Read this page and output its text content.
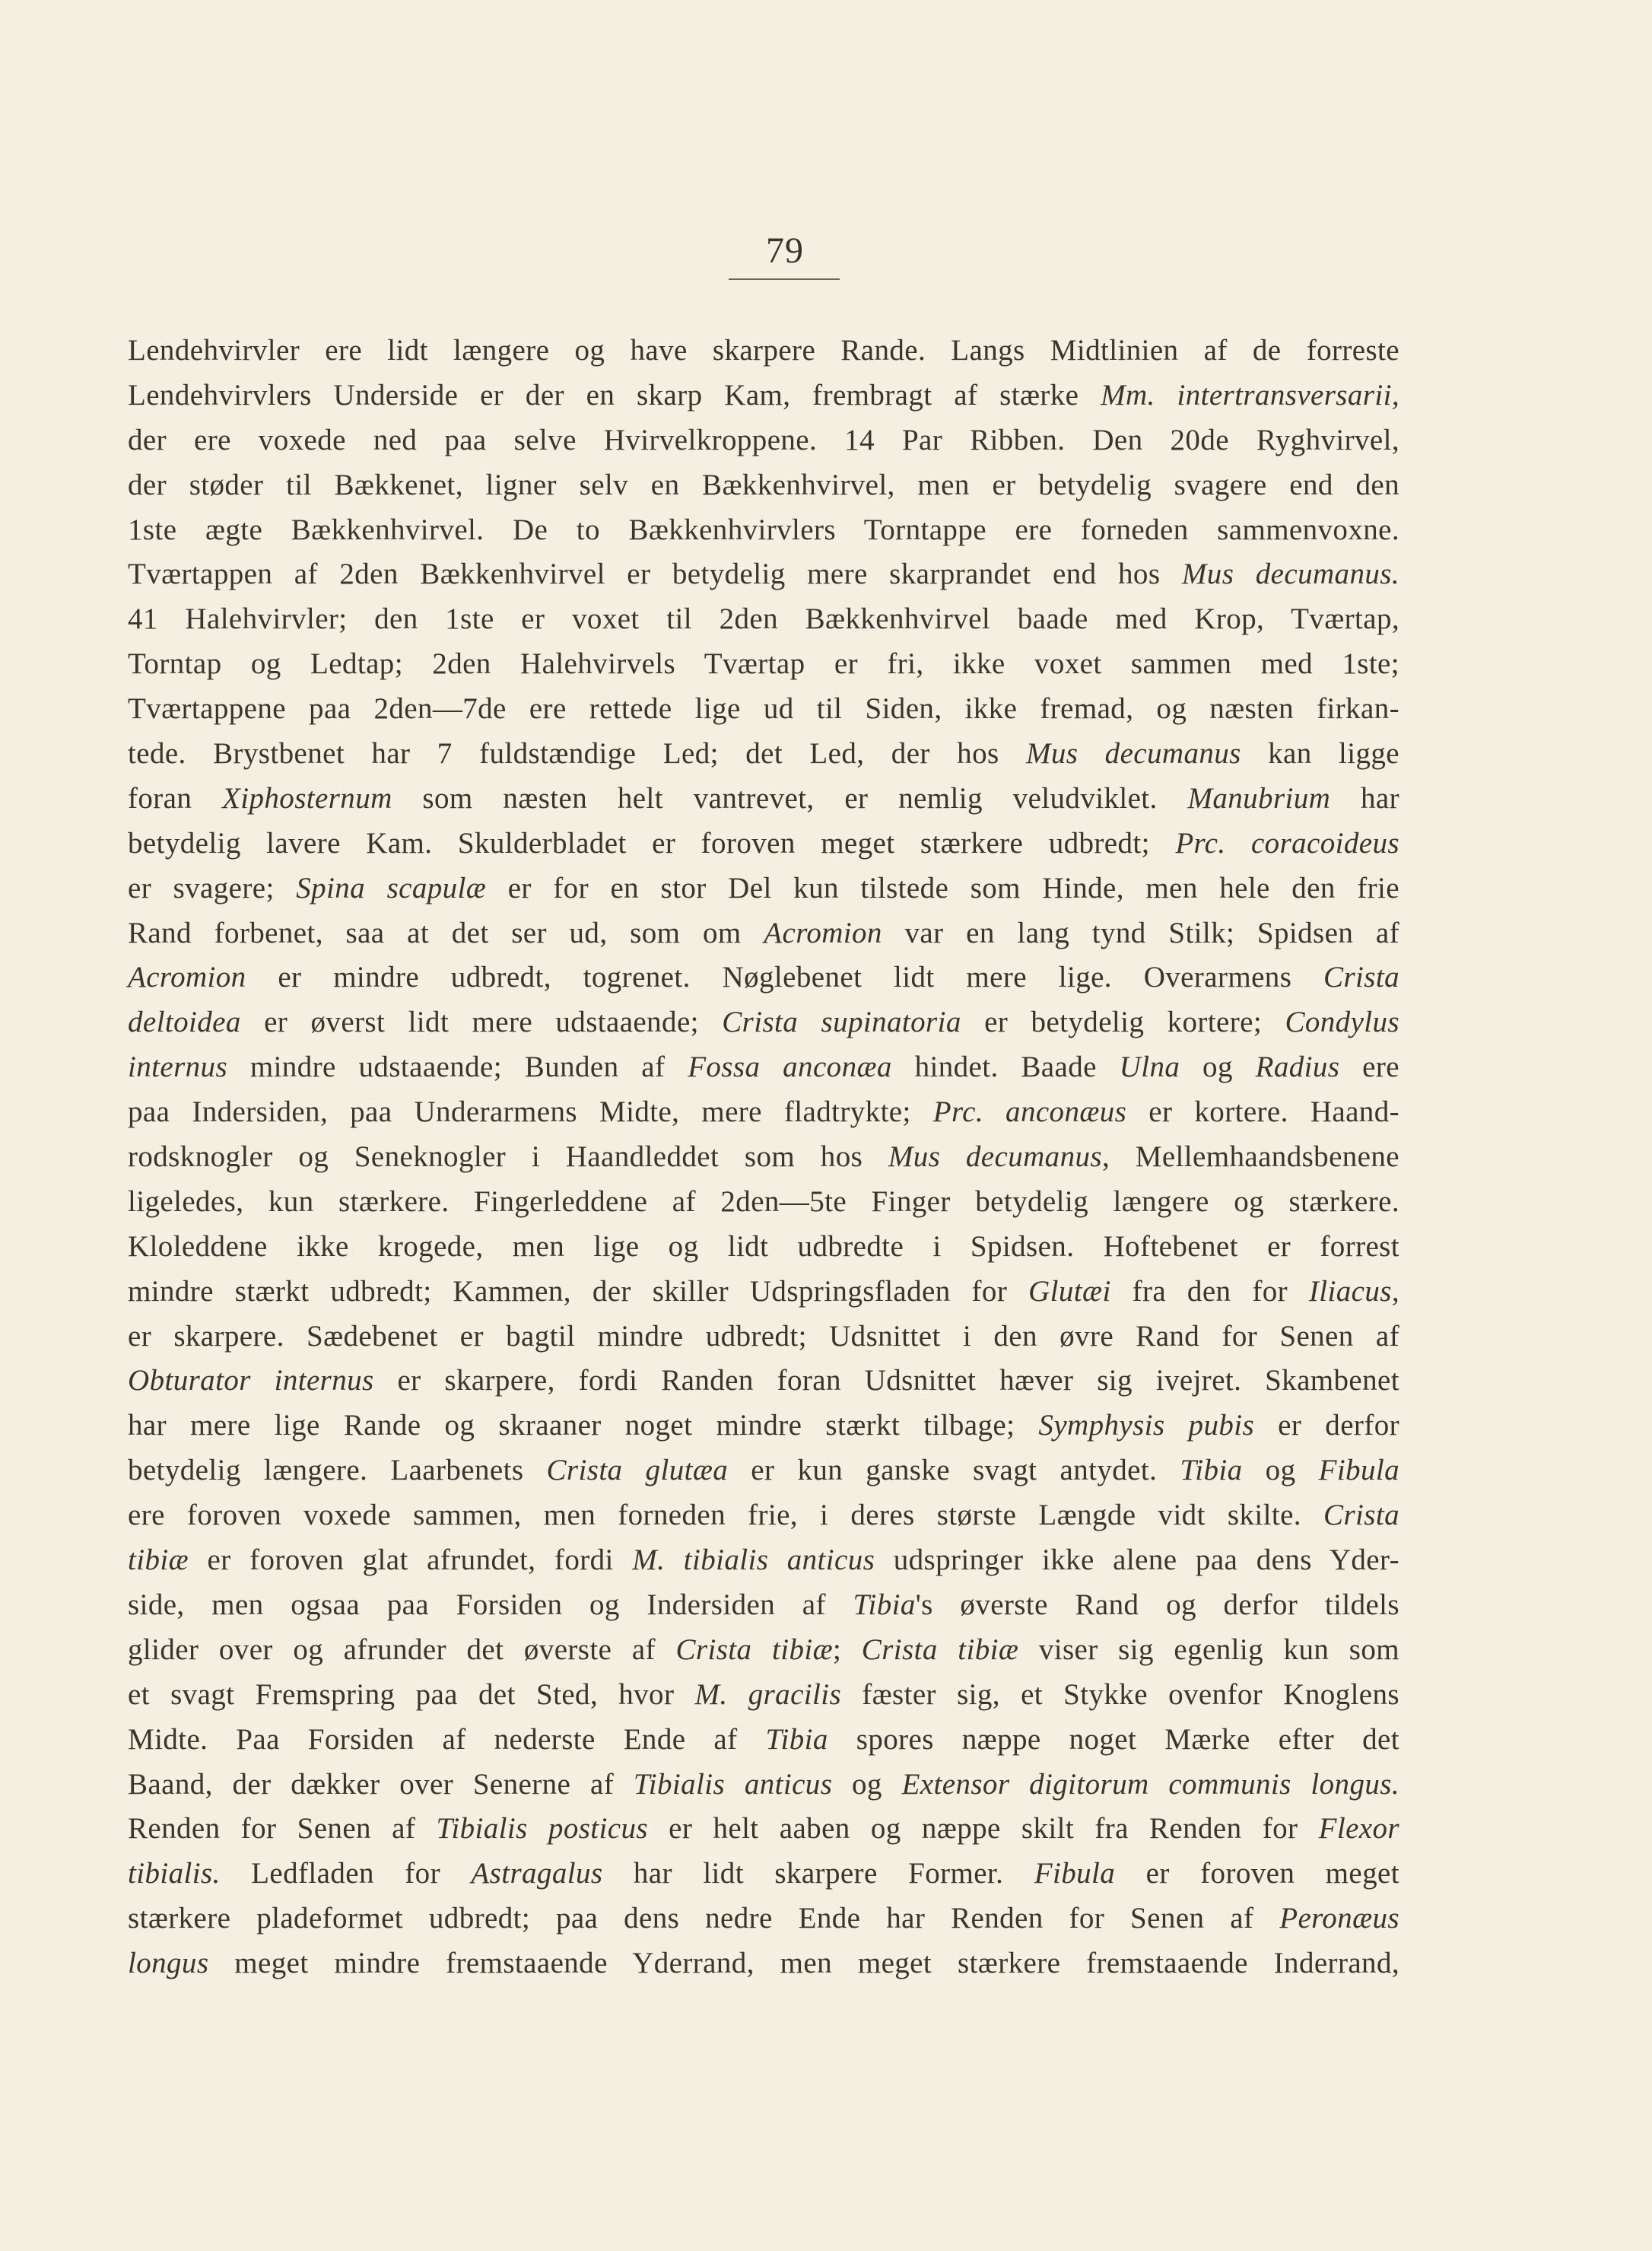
79
Lendehvirvler ere lidt længere og have skarpere Rande. Langs Midtlinien af de forreste
Lendehvirvlers Underside er der en skarp Kam, frembragt af stærke Mm. intertransversarii,
der ere voxede ned paa selve Hvirvelkroppene. 14 Par Ribben. Den 20de Ryghvirvel,
der støder til Bækkenet, ligner selv en Bækkenhvirvel, men er betydelig svagere end den
1ste ægte Bækkenhvirvel. De to Bækkenhvirvlers Torntappe ere forneden sammenvoxne.
Tværtappen af 2den Bækkenhvirvel er betydelig mere skarprandet end hos Mus decumanus.
41 Halehvirvler; den 1ste er voxet til 2den Bækkenhvirvel baade med Krop, Tværtap,
Torntap og Ledtap; 2den Halehvirvels Tværtap er fri, ikke voxet sammen med 1ste;
Tværtappene paa 2den—7de ere rettede lige ud til Siden, ikke fremad, og næsten firkan-
tede. Brystbenet har 7 fuldstændige Led; det Led, der hos Mus decumanus kan ligge
foran Xiphosternum som næsten helt vantrevet, er nemlig veludviklet. Manubrium har
betydelig lavere Kam. Skulderbladet er foroven meget stærkere udbredt; Prc. coracoideus
er svagere; Spina scapulæ er for en stor Del kun tilstede som Hinde, men hele den frie
Rand forbenet, saa at det ser ud, som om Acromion var en lang tynd Stilk; Spidsen af
Acromion er mindre udbredt, togrenet. Nøglebenet lidt mere lige. Overarmens Crista
deltoidea er øverst lidt mere udstaaende; Crista supinatoria er betydelig kortere; Condylus
internus mindre udstaaende; Bunden af Fossa anconæa hindet. Baade Ulna og Radius ere
paa Indersiden, paa Underarmens Midte, mere fladtrykte; Prc. anconæus er kortere. Haand-
rodsknogler og Seneknogler i Haandleddet som hos Mus decumanus, Mellemhaandsbenene
ligeledes, kun stærkere. Fingerleddene af 2den—5te Finger betydelig længere og stærkere.
Kloleddene ikke krogede, men lige og lidt udbredte i Spidsen. Hoftebenet er forrest
mindre stærkt udbredt; Kammen, der skiller Udspringsfladen for Glutæi fra den for Iliacus,
er skarpere. Sædebenet er bagtil mindre udbredt; Udsnittet i den øvre Rand for Senen af
Obturator internus er skarpere, fordi Randen foran Udsnittet hæver sig ivejret. Skambenet
har mere lige Rande og skraaner noget mindre stærkt tilbage; Symphysis pubis er derfor
betydelig længere. Laarbenets Crista glutæa er kun ganske svagt antydet. Tibia og Fibula
ere foroven voxede sammen, men forneden frie, i deres største Længde vidt skilte. Crista
tibiæ er foroven glat afrundet, fordi M. tibialis anticus udspringer ikke alene paa dens Yder-
side, men ogsaa paa Forsiden og Indersiden af Tibia's øverste Rand og derfor tildels
glider over og afrunder det øverste af Crista tibiæ; Crista tibiæ viser sig egenlig kun som
et svagt Fremspring paa det Sted, hvor M. gracilis fæster sig, et Stykke ovenfor Knoglens
Midte. Paa Forsiden af nederste Ende af Tibia spores næppe noget Mærke efter det
Baand, der dækker over Senerne af Tibialis anticus og Extensor digitorum communis longus.
Renden for Senen af Tibialis posticus er helt aaben og næppe skilt fra Renden for Flexor
tibialis. Ledfladen for Astragalus har lidt skarpere Former. Fibula er foroven meget
stærkere pladeformet udbredt; paa dens nedre Ende har Renden for Senen af Peronæus
longus meget mindre fremstaaende Yderrand, men meget stærkere fremstaaende Inderrand,
